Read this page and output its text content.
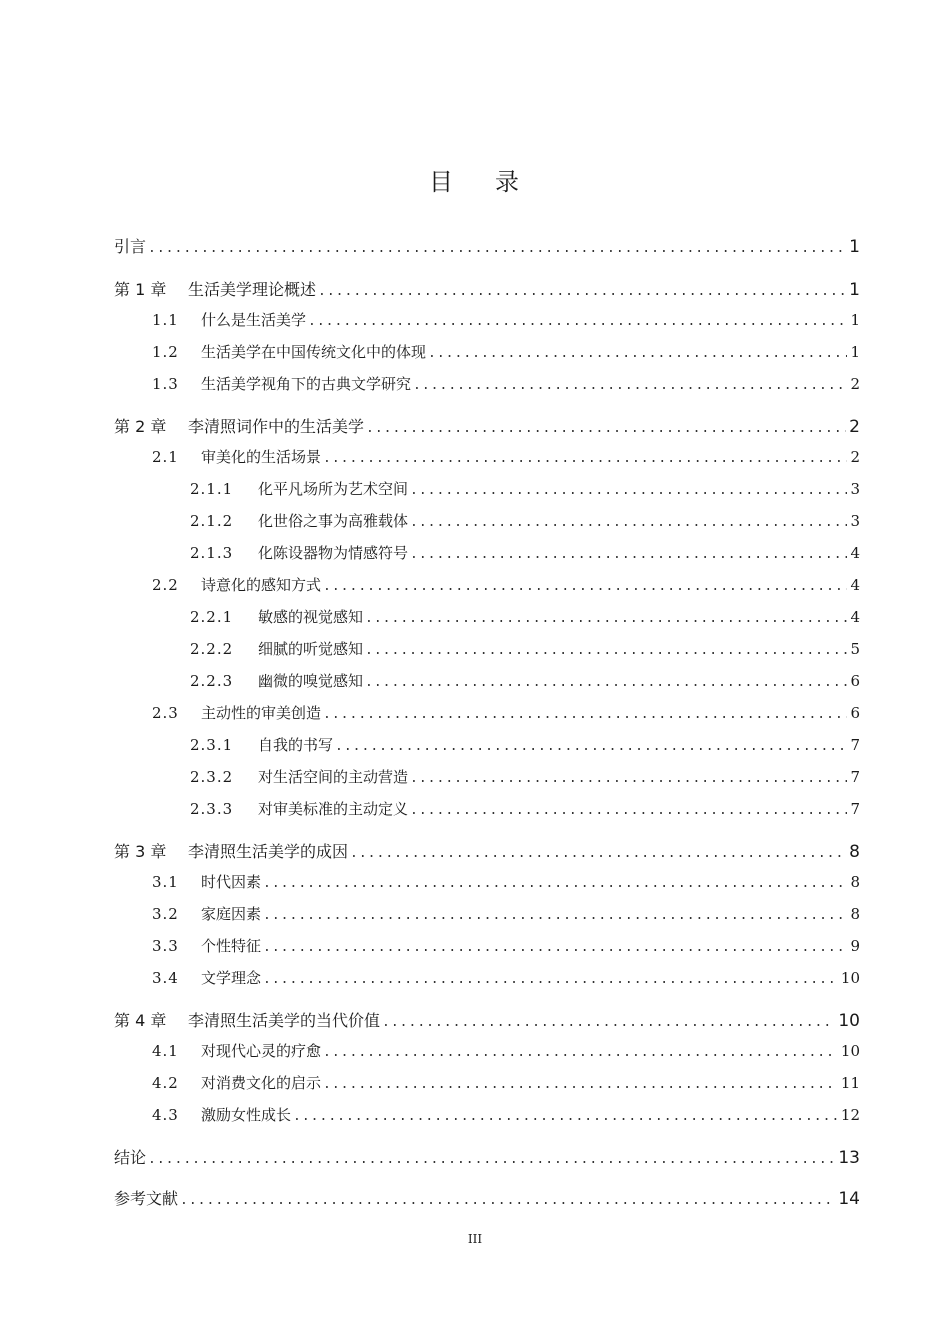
目 录
引言 .....	1
第 1 章	生活美学理论概述 .....	1
1.1	什么是生活美学 .....	1
1.2	生活美学在中国传统文化中的体现 .....	1
1.3	生活美学视角下的古典文学研究 .....	2
第 2 章	李清照词作中的生活美学 .....	2
2.1	审美化的生活场景 .....	2
2.1.1	化平凡场所为艺术空间 .....	3
2.1.2	化世俗之事为高雅载体 .....	3
2.1.3	化陈设器物为情感符号 .....	4
2.2	诗意化的感知方式 .....	4
2.2.1	敏感的视觉感知 .....	4
2.2.2	细腻的听觉感知 .....	5
2.2.3	幽微的嗅觉感知 .....	6
2.3	主动性的审美创造 .....	6
2.3.1	自我的书写 .....	7
2.3.2	对生活空间的主动营造 .....	7
2.3.3	对审美标准的主动定义 .....	7
第 3 章	李清照生活美学的成因 .....	8
3.1	时代因素 .....	8
3.2	家庭因素 .....	8
3.3	个性特征 .....	9
3.4	文学理念 .....	10
第 4 章	李清照生活美学的当代价值 .....	10
4.1	对现代心灵的疗愈 .....	10
4.2	对消费文化的启示 .....	11
4.3	激励女性成长 .....	12
结论 .....	13
参考文献 .....	14
III
